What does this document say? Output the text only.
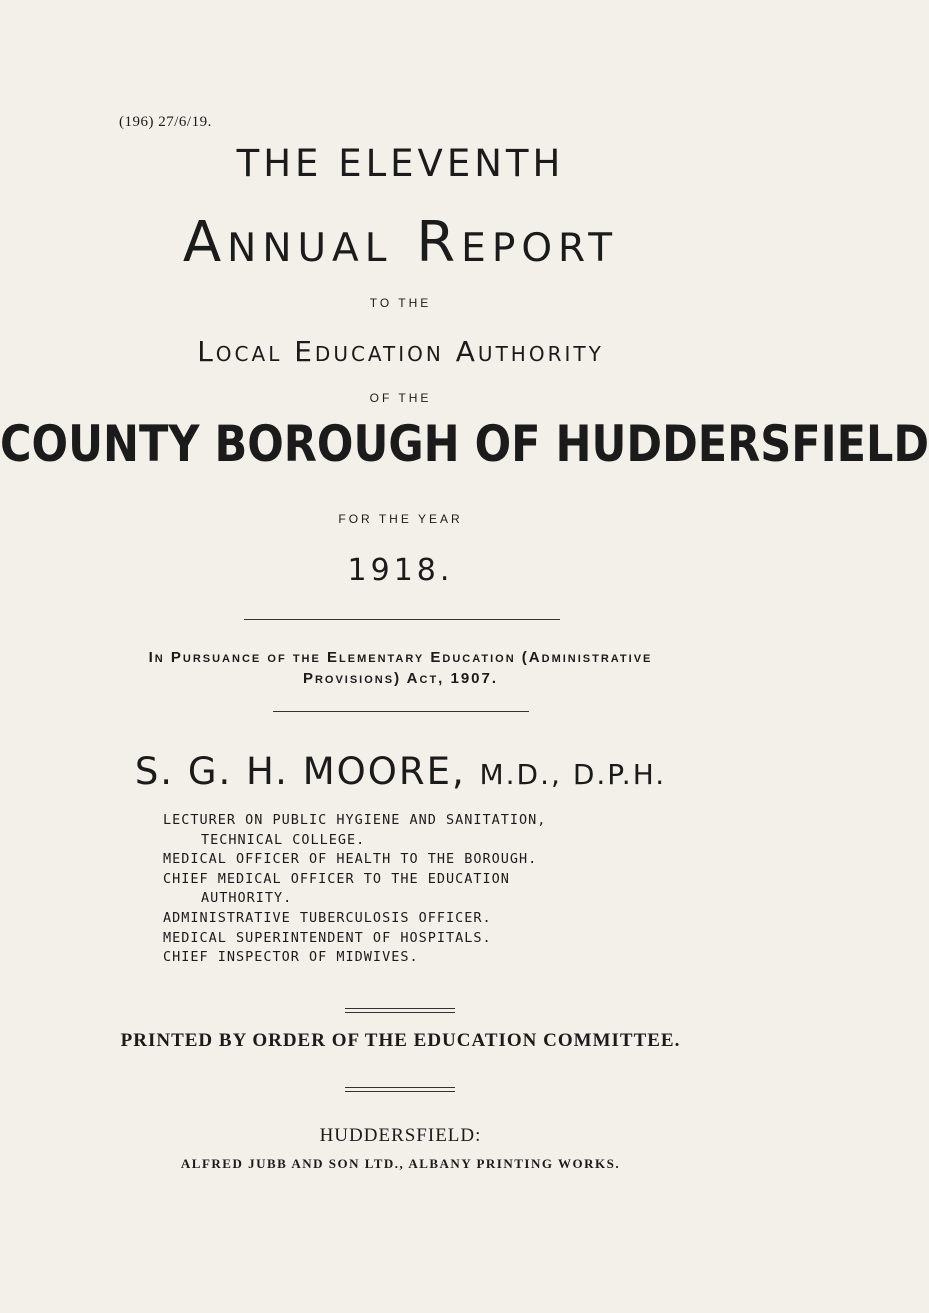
(196) 27/6/19.
THE ELEVENTH
Annual Report
TO THE
Local Education Authority
OF THE
COUNTY BOROUGH OF HUDDERSFIELD
FOR THE YEAR
1918.
In Pursuance of the Elementary Education (Administrative
Provisions) Act, 1907.
S. G. H. MOORE, M.D., D.P.H.
LECTURER ON PUBLIC HYGIENE AND SANITATION,
TECHNICAL COLLEGE.
MEDICAL OFFICER OF HEALTH TO THE BOROUGH.
CHIEF MEDICAL OFFICER TO THE EDUCATION
AUTHORITY.
ADMINISTRATIVE TUBERCULOSIS OFFICER.
MEDICAL SUPERINTENDENT OF HOSPITALS.
CHIEF INSPECTOR OF MIDWIVES.
PRINTED BY ORDER OF THE EDUCATION COMMITTEE.
HUDDERSFIELD:
ALFRED JUBB AND SON LTD., ALBANY PRINTING WORKS.
